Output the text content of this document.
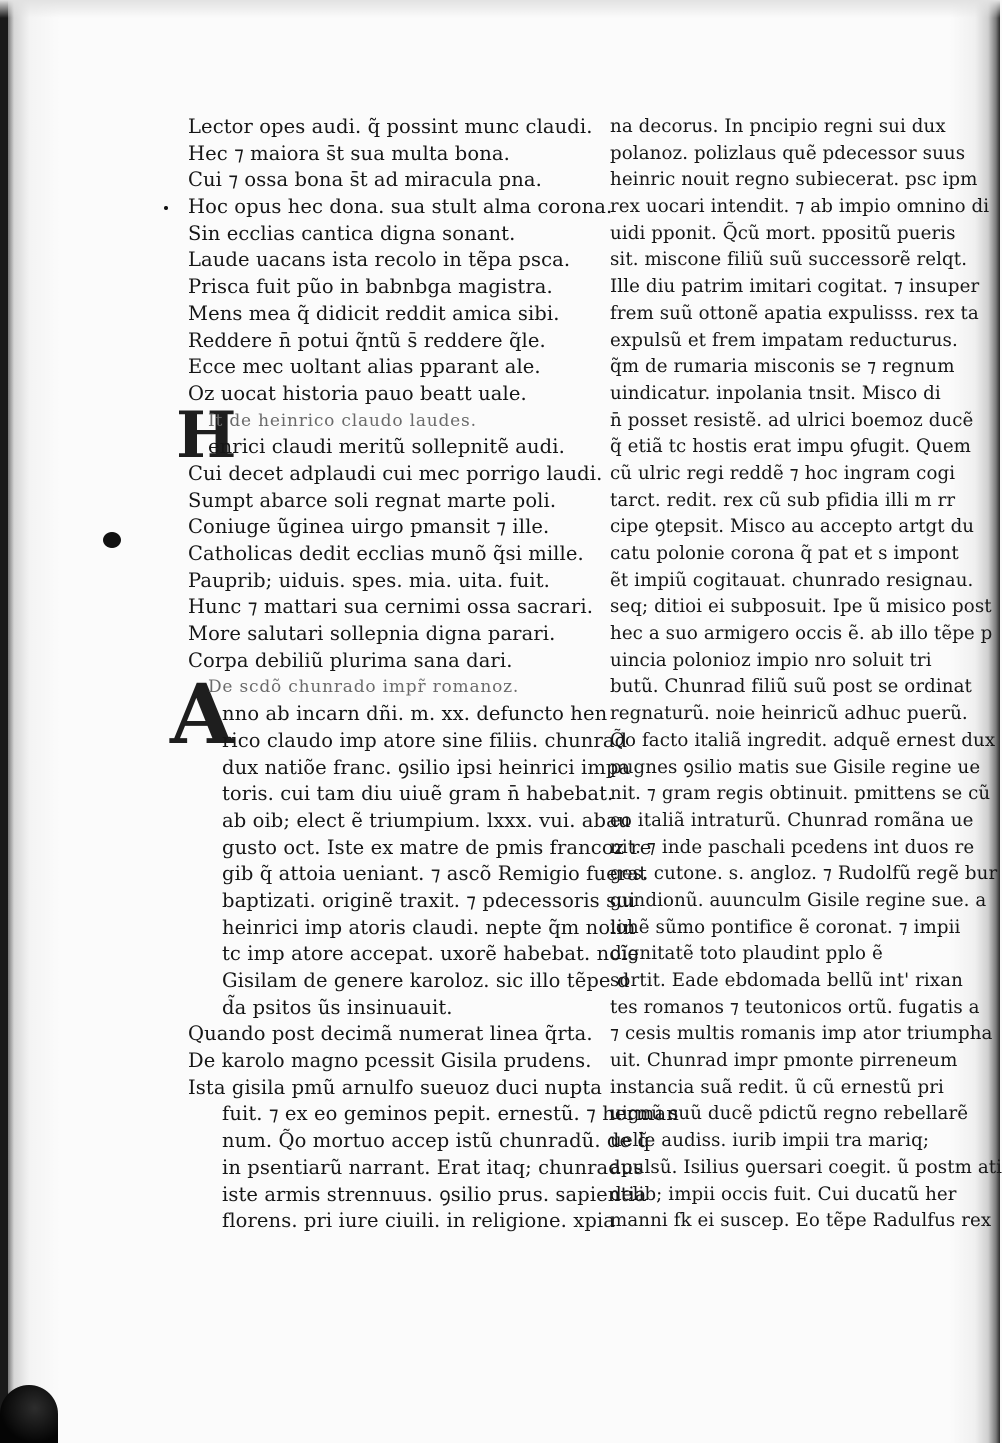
H
A
Lector opes audi. q̃ possint munc claudi.
Hec ⁊ maiora s̄t sua multa bona.
Cui ⁊ ossa bona s̄t ad miracula pna.
Hoc opus hec dona. sua stult alma corona.
Sin ecclias cantica digna sonant.
Laude uacans ista recolo in tẽpa psca.
Prisca fuit pũo in babnbga magistra.
Mens mea q̃ didicit reddit amica sibi.
Reddere n̄ potui q̃ntũ s̄ reddere q̃le.
Ecce mec uoltant alias pparant ale.
Oz uocat historia pauo beatt uale.
It de heinrico claudo laudes.
enrici claudi meritũ sollepnitẽ audi.
Cui decet adplaudi cui mec porrigo laudi.
Sumpt abarce soli regnat marte poli.
Coniuge ũginea uirgo pmansit ⁊ ille.
Catholicas dedit ecclias munõ q̃si mille.
Pauprib; uiduis. spes. mia. uita. fuit.
Hunc ⁊ mattari sua cernimi ossa sacrari.
More salutari sollepnia digna parari.
Corpa debiliũ plurima sana dari.
De scdõ chunrado impr̃ romanoz.
nno ab incarn dñi. m. xx. defuncto hen
rico claudo imp atore sine filiis. chunrad
dux natiõe franc. ꝯsilio ipsi heinrici impa
toris. cui tam diu uiuẽ gram n̄ habebat.
ab oib; elect ẽ triumpium. lxxx. vui. abau
gusto oct. Iste ex matre de pmis francoz re
gib q̃ attoia ueniant. ⁊ ascõ Remigio fuerat
baptizati. originẽ traxit. ⁊ pdecessoris sui
heinrici imp atoris claudi. nepte q̃m nolin
tc imp atore accepat. uxorẽ habebat. noĩe
Gisilam de genere karoloz. sic illo tẽpe d
d̃a psitos ũs insinuauit.
Quando post decimã numerat linea q̃rta.
De karolo magno pcessit Gisila prudens.
Ista gisila pmũ arnulfo sueuoz duci nupta
fuit. ⁊ ex eo geminos pepit. ernestũ. ⁊ herman
num. Q̃o mortuo accep istũ chunradũ. de q̃
in psentiarũ narrant. Erat itaq; chunradus
iste armis strennuus. ꝯsilio prus. sapientia
florens. pri iure ciuili. in religione. xpia
na decorus. In pncipio regni sui dux
polanoz. polizlaus quẽ pdecessor suus
heinric nouit regno subiecerat. psc ipm
rex uocari intendit. ⁊ ab impio omnino di
uidi pponit. Q̃cũ mort. ppositũ pueris
sit. miscone filiũ suũ successorẽ relqt.
Ille diu patrim imitari cogitat. ⁊ insuper
frem suũ ottonẽ apatia expulisss. rex ta
expulsũ et frem impatam reducturus.
q̃m de rumaria misconis se ⁊ regnum
uindicatur. inpolania tnsit. Misco di
n̄ posset resistẽ. ad ulrici boemoz ducẽ
q̃ etiã tc hostis erat impu ꝯfugit. Quem
cũ ulric regi reddẽ ⁊ hoc ingram cogi
tarct. redit. rex cũ sub pfidia illi m rr
cipe ꝯtepsit. Misco au accepto artgt du
catu polonie corona q̃ pat et s impont
ẽt impiũ cogitauat. chunrado resignau.
seq; ditioi ei subposuit. Ipe ũ misico post
hec a suo armigero occis ẽ. ab illo tẽpe p
uincia polonioz impio nro soluit tri
butũ. Chunrad filiũ suũ post se ordinat
regnaturũ. noie heinricũ adhuc puerũ.
Q̃o facto italiã ingredit. adquẽ ernest dux
pugnes ꝯsilio matis sue Gisile regine ue
nit. ⁊ gram regis obtinuit. pmittens se cũ
eo italiã intraturũ. Chunrad romãna ue
nit. ⁊ inde paschali pcedens int duos re
ges. cutone. s. angloz. ⁊ Rudolfũ regẽ bur
gundionũ. auunculm Gisile regine sue. a
iohẽ sũmo pontifice ẽ coronat. ⁊ impii
dignitatẽ toto plaudint pplo ẽ
sortit. Eade ebdomada bellũ int' rixan
tes romanos ⁊ teutonicos ortũ. fugatis a
⁊ cesis multis romanis imp ator triumpha
uit. Chunrad impr pmonte pirreneum
instancia suã redit. ũ cũ ernestũ pri
uignũ suũ ducẽ pdictũ regno rebellarẽ
uelle audiss. iurib impii tra mariq;
apulsũ. Isilius ꝯuersari coegit. ũ postm ati
delib; impii occis fuit. Cui ducatũ her
manni fk ei suscep. Eo tẽpe Radulfus rex
